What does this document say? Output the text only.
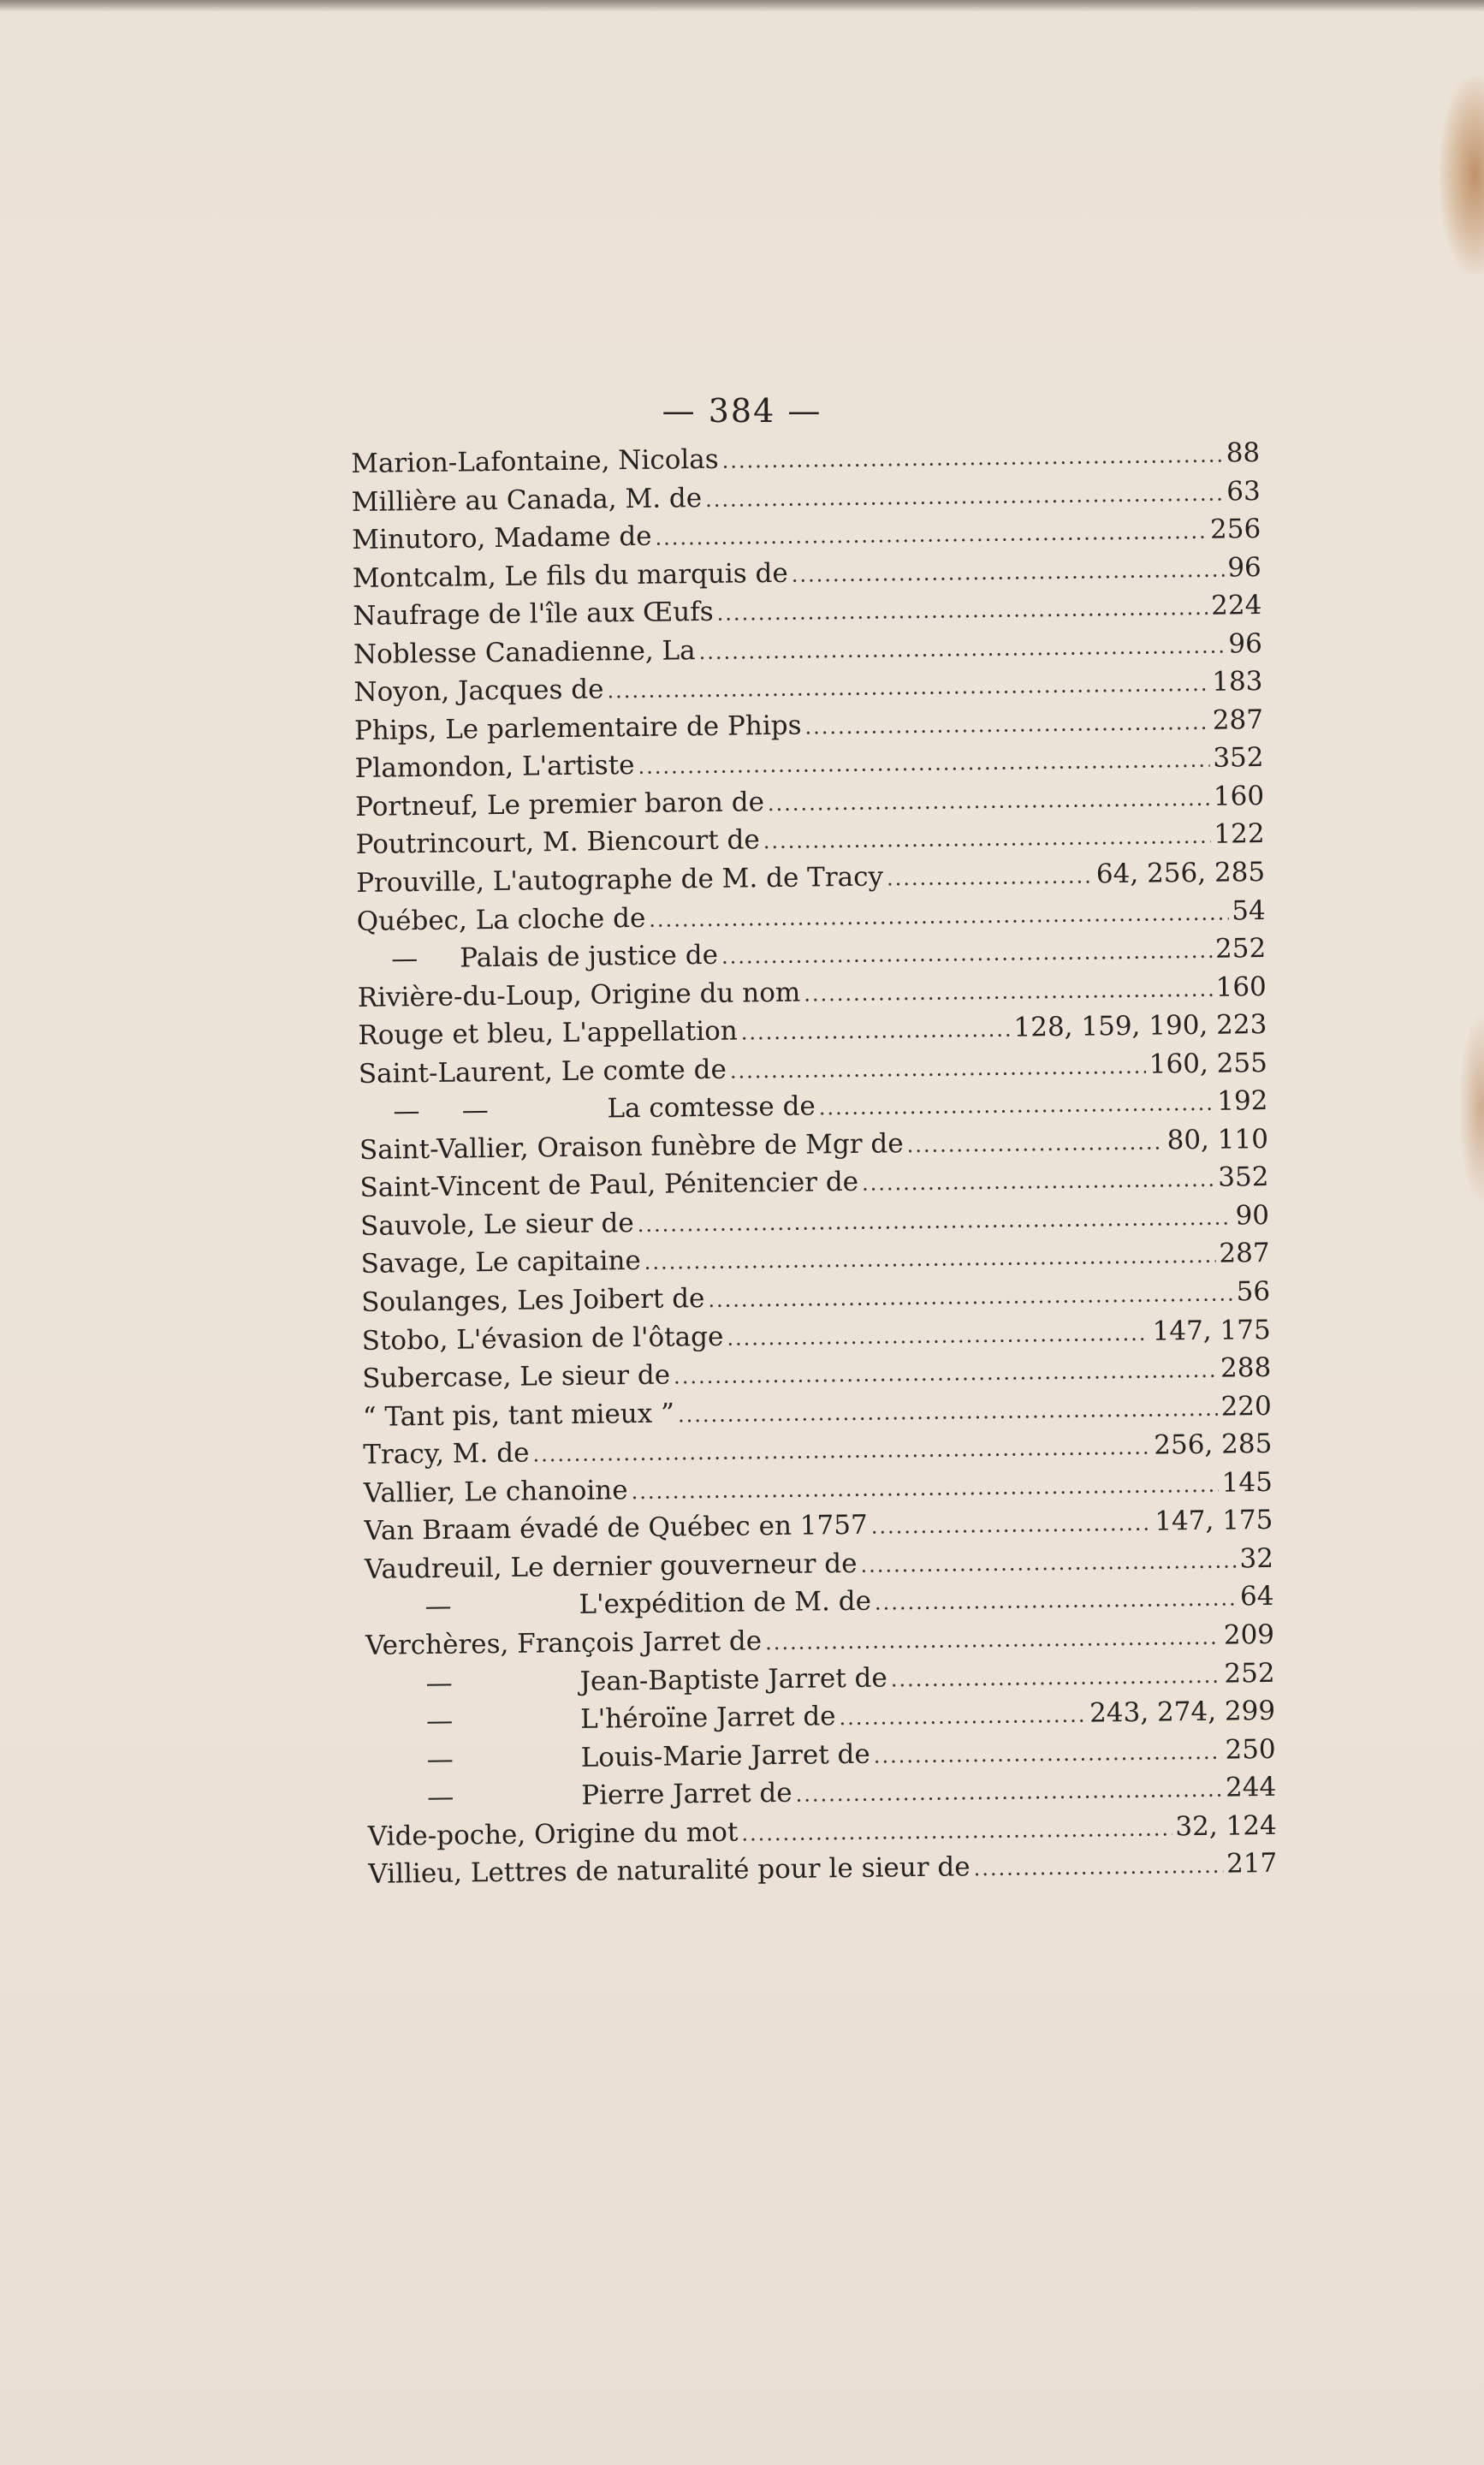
— 384 —
Marion-Lafontaine, Nicolas .....	88
Millière au Canada, M. de .....	63
Minutoro, Madame de .....	256
Montcalm, Le fils du marquis de .....	96
Naufrage de l'île aux Œufs .....	224
Noblesse Canadienne, La .....	96
Noyon, Jacques de .....	183
Phips, Le parlementaire de Phips .....	287
Plamondon, L'artiste .....	352
Portneuf, Le premier baron de .....	160
Poutrincourt, M. Biencourt de .....	122
Prouville, L'autographe de M. de Tracy .....	64, 256, 285
Québec, La cloche de .....	54
—	Palais de justice de .....	252
Rivière-du-Loup, Origine du nom .....	160
Rouge et bleu, L'appellation .....	128, 159, 190, 223
Saint-Laurent, Le comte de .....	160, 255
—     —	La comtesse de .....	192
Saint-Vallier, Oraison funèbre de Mgr de .....	80, 110
Saint-Vincent de Paul, Pénitencier de .....	352
Sauvole, Le sieur de .....	90
Savage, Le capitaine .....	287
Soulanges, Les Joibert de .....	56
Stobo, L'évasion de l'ôtage .....	147, 175
Subercase, Le sieur de .....	288
“ Tant pis, tant mieux ” .....	220
Tracy, M. de .....	256, 285
Vallier, Le chanoine .....	145
Van Braam évadé de Québec en 1757 .....	147, 175
Vaudreuil, Le dernier gouverneur de .....	32
—	L'expédition de M. de .....	64
Verchères, François Jarret de .....	209
—	Jean-Baptiste Jarret de .....	252
—	L'héroïne Jarret de .....	243, 274, 299
—	Louis-Marie Jarret de .....	250
—	Pierre Jarret de .....	244
Vide-poche, Origine du mot .....	32, 124
Villieu, Lettres de naturalité pour le sieur de .....	217
